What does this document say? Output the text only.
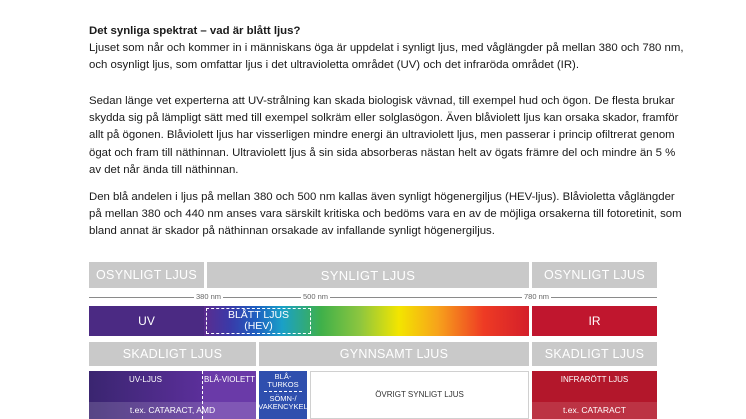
Det synliga spektrat – vad är blått ljus?

Ljuset som når och kommer in i människans öga är uppdelat i synligt ljus, med våglängder på mellan 380 och 780 nm, och osynligt ljus, som omfattar ljus i det ultravioletta området (UV) och det infraröda området (IR).

Sedan länge vet experterna att UV-strålning kan skada biologisk vävnad, till exempel hud och ögon. De flesta brukar skydda sig på lämpligt sätt med till exempel solkräm eller solglasögon. Även blåviolett ljus kan orsaka skador, framför allt på ögonen. Blåviolett ljus har visserligen mindre energi än ultraviolett ljus, men passerar i princip ofiltrerat genom ögat och fram till näthinnan. Ultraviolett ljus å sin sida absorberas nästan helt av ögats främre del och mindre än 5 % av det når ända till näthinnan.

Den blå andelen i ljus på mellan 380 och 500 nm kallas även synligt högenergiljus (HEV-ljus). Blåvioletta våglängder på mellan 380 och 440 nm anses vara särskilt kritiska och bedöms vara en av de möjliga orsakerna till fotoretinit, som bland annat är skador på näthinnan orsakade av infallande synligt högenergiljus.

OSYNLIGT LJUS	SYNLIGT LJUS	OSYNLIGT LJUS
380 nm	500 nm	780 nm
UV	BLÅTT LJUS
(HEV)	IR
SKADLIGT LJUS	GYNNSAMT LJUS	SKADLIGT LJUS
UV-LJUS	BLÅ-VIOLETT
t.ex. CATARACT, AMD
BLÅ-
TURKOS
SÖMN-/
VAKENCYKEL
ÖVRIGT SYNLIGT LJUS
INFRARÖTT LJUS
t.ex. CATARACT
